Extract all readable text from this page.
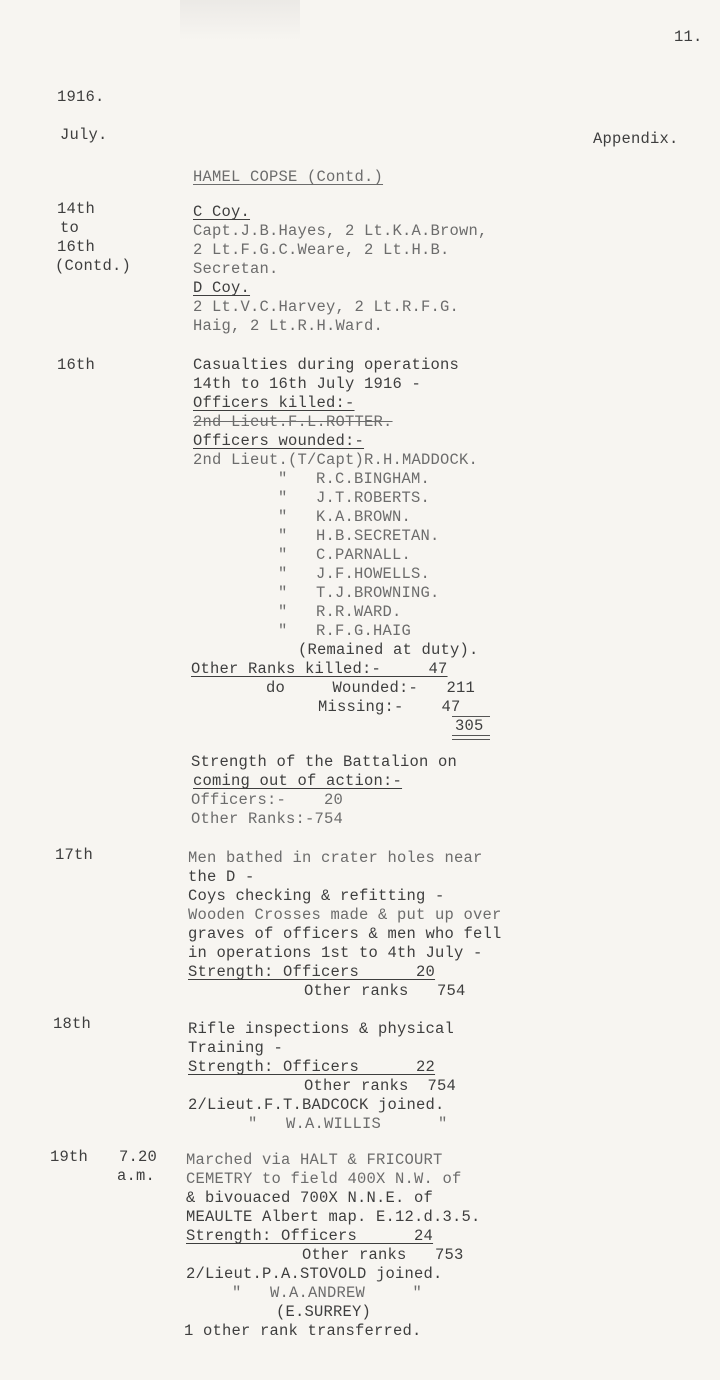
11.
1916.
July.	Appendix.
HAMEL COPSE (Contd.)
14th
to
16th
(Contd.)
C Coy.
Capt.J.B.Hayes, 2 Lt.K.A.Brown,
2 Lt.F.G.C.Weare, 2 Lt.H.B.
Secretan.
D Coy.
2 Lt.V.C.Harvey, 2 Lt.R.F.G.
Haig, 2 Lt.R.H.Ward.
16th	Casualties during operations
14th to 16th July 1916 -
Officers killed:-
2nd Lieut.F.L.ROTTER.
Officers wounded:-
2nd Lieut.(T/Capt)R.H.MADDOCK.
"   R.C.BINGHAM.
"   J.T.ROBERTS.
"   K.A.BROWN.
"   H.B.SECRETAN.
"   C.PARNALL.
"   J.F.HOWELLS.
"   T.J.BROWNING.
"   R.R.WARD.
"   R.F.G.HAIG
(Remained at duty).
Other Ranks killed:-     47
do     Wounded:-   211
Missing:-    47
305
Strength of the Battalion on
coming out of action:-
Officers:-    20
Other Ranks:-754
17th	Men bathed in crater holes near
the D -
Coys checking & refitting -
Wooden Crosses made & put up over
graves of officers & men who fell
in operations 1st to 4th July -
Strength: Officers      20
Other ranks   754
18th	Rifle inspections & physical
Training -
Strength: Officers      22
Other ranks  754
2/Lieut.F.T.BADCOCK joined.
"   W.A.WILLIS      "
19th 7.20
a.m.
Marched via HALT & FRICOURT
CEMETRY to field 400X N.W. of
& bivouaced 700X N.N.E. of
MEAULTE Albert map. E.12.d.3.5.
Strength: Officers      24
Other ranks   753
2/Lieut.P.A.STOVOLD joined.
"   W.A.ANDREW     "
(E.SURREY)
1 other rank transferred.
